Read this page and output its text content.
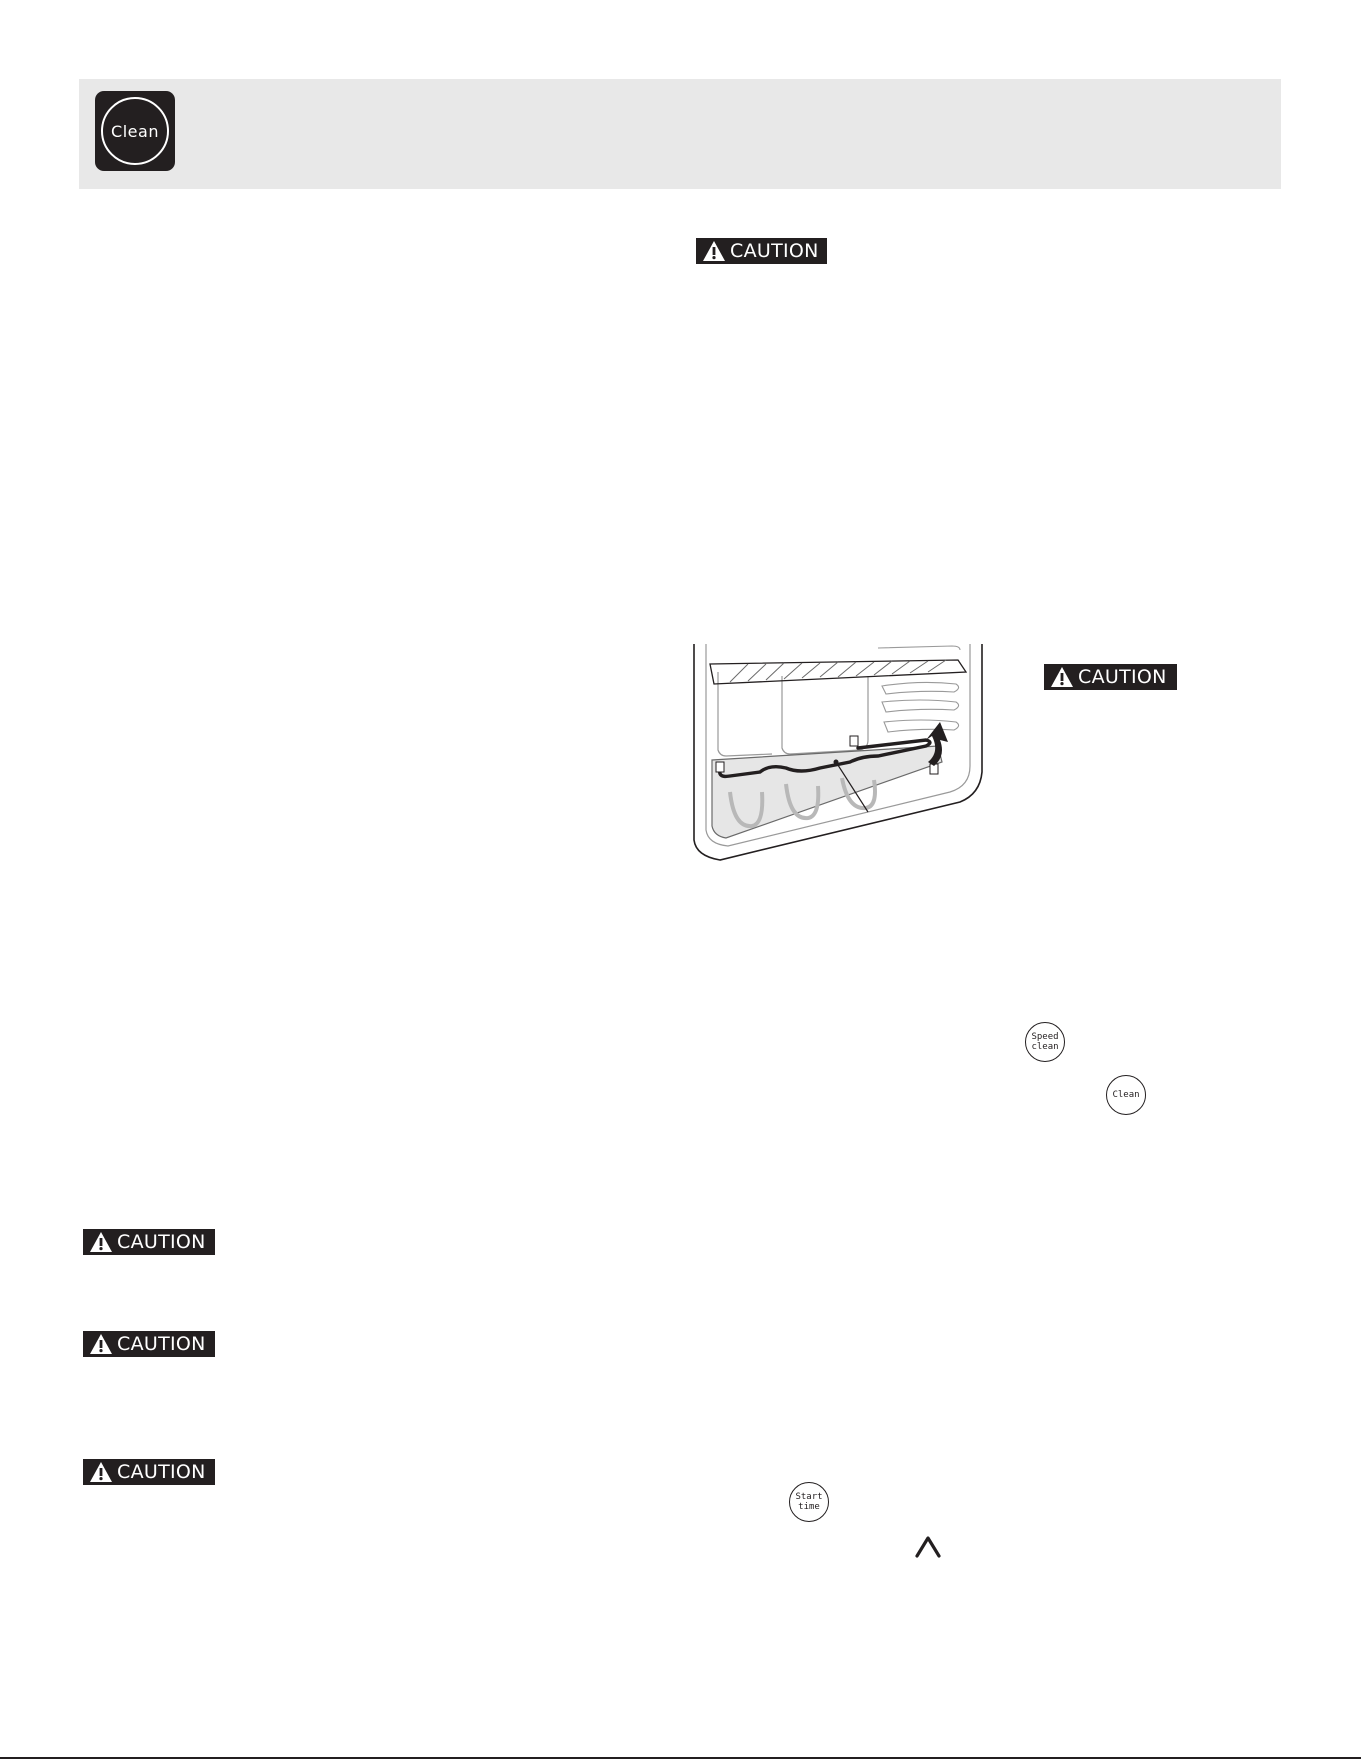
Clean
CAUTION
CAUTION
CAUTION
CAUTION
CAUTION
Speed
clean
Clean
Start
time
